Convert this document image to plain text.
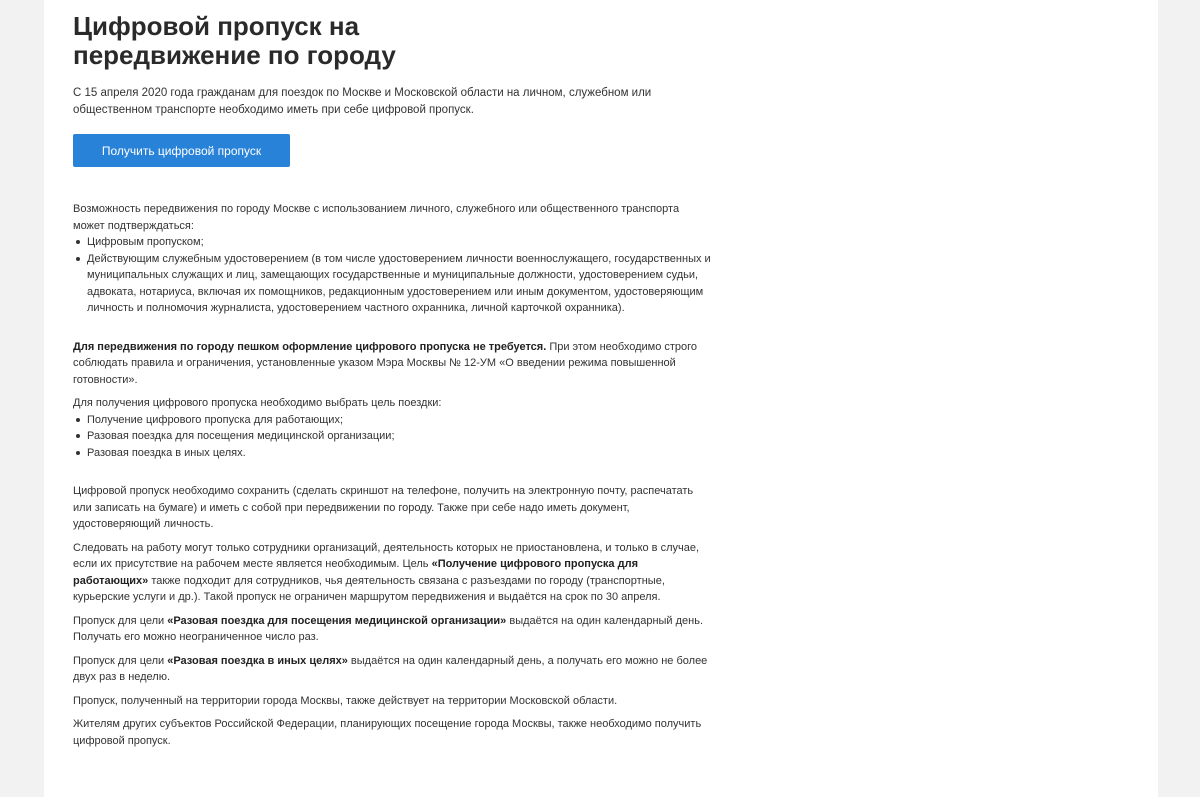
Цифровой пропуск на передвижение по городу

С 15 апреля 2020 года гражданам для поездок по Москве и Московской области на личном, служебном или общественном транспорте необходимо иметь при себе цифровой пропуск.

Получить цифровой пропуск

Возможность передвижения по городу Москве с использованием личного, служебного или общественного транспорта может подтверждаться:

Цифровым пропуском;
Действующим служебным удостоверением (в том числе удостоверением личности военнослужащего, государственных и муниципальных служащих и лиц, замещающих государственные и муниципальные должности, удостоверением судьи, адвоката, нотариуса, включая их помощников, редакционным удостоверением или иным документом, удостоверяющим личность и полномочия журналиста, удостоверением частного охранника, личной карточкой охранника).

Для передвижения по городу пешком оформление цифрового пропуска не требуется. При этом необходимо строго соблюдать правила и ограничения, установленные указом Мэра Москвы № 12-УМ «О введении режима повышенной готовности».

Для получения цифрового пропуска необходимо выбрать цель поездки:

Получение цифрового пропуска для работающих;
Разовая поездка для посещения медицинской организации;
Разовая поездка в иных целях.

Цифровой пропуск необходимо сохранить (сделать скриншот на телефоне, получить на электронную почту, распечатать или записать на бумаге) и иметь с собой при передвижении по городу. Также при себе надо иметь документ, удостоверяющий личность.

Следовать на работу могут только сотрудники организаций, деятельность которых не приостановлена, и только в случае, если их присутствие на рабочем месте является необходимым. Цель «Получение цифрового пропуска для работающих» также подходит для сотрудников, чья деятельность связана с разъездами по городу (транспортные, курьерские услуги и др.). Такой пропуск не ограничен маршрутом передвижения и выдаётся на срок по 30 апреля.

Пропуск для цели «Разовая поездка для посещения медицинской организации» выдаётся на один календарный день. Получать его можно неограниченное число раз.

Пропуск для цели «Разовая поездка в иных целях» выдаётся на один календарный день, а получать его можно не более двух раз в неделю.

Пропуск, полученный на территории города Москвы, также действует на территории Московской области.

Жителям других субъектов Российской Федерации, планирующих посещение города Москвы, также необходимо получить цифровой пропуск.
